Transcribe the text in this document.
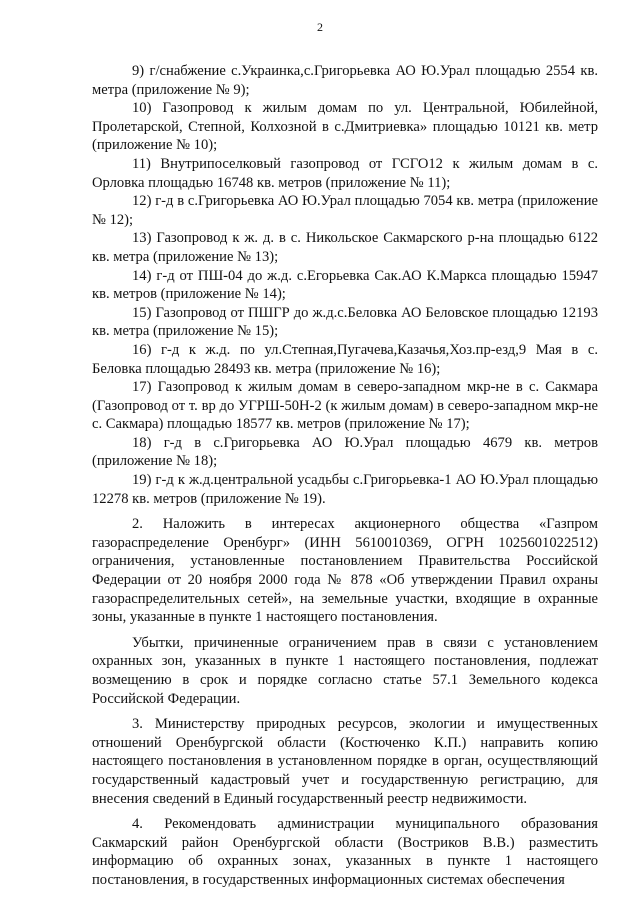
2

9) г/снабжение с.Украинка,с.Григорьевка АО Ю.Урал площадью 2554 кв. метра (приложение № 9);

10) Газопровод к жилым домам по ул. Центральной, Юбилейной, Пролетарской, Степной, Колхозной в с.Дмитриевка» площадью 10121 кв. метр (приложение № 10);

11) Внутрипоселковый газопровод от ГСГО12 к жилым домам в с. Орловка площадью 16748 кв. метров (приложение № 11);

12) г-д в с.Григорьевка АО Ю.Урал площадью 7054 кв. метра (приложение № 12);

13) Газопровод к ж. д. в с. Никольское Сакмарского р-на площадью 6122 кв. метра (приложение № 13);

14) г-д от ПШ-04 до ж.д. с.Егорьевка Сак.АО К.Маркса площадью 15947 кв. метров (приложение № 14);

15) Газопровод от ПШГР до ж.д.с.Беловка АО Беловское площадью 12193 кв. метра (приложение № 15);

16) г-д к ж.д. по ул.Степная,Пугачева,Казачья,Хоз.пр-езд,9 Мая в с. Беловка площадью 28493 кв. метра (приложение № 16);

17) Газопровод к жилым домам в северо-западном мкр-не в с. Сакмара (Газопровод от т. вр до УГРШ-50Н-2 (к жилым домам) в северо-западном мкр-не с. Сакмара) площадью 18577 кв. метров (приложение № 17);

18) г-д в с.Григорьевка АО Ю.Урал площадью 4679 кв. метров (приложение № 18);

19) г-д к ж.д.центральной усадьбы с.Григорьевка-1 АО Ю.Урал площадью 12278 кв. метров (приложение № 19).

2. Наложить в интересах акционерного общества «Газпром газораспределение Оренбург» (ИНН 5610010369, ОГРН 1025601022512) ограничения, установленные постановлением Правительства Российской Федерации от 20 ноября 2000 года № 878 «Об утверждении Правил охраны газораспределительных сетей», на земельные участки, входящие в охранные зоны, указанные в пункте 1 настоящего постановления.

Убытки, причиненные ограничением прав в связи с установлением охранных зон, указанных в пункте 1 настоящего постановления, подлежат возмещению в срок и порядке согласно статье 57.1 Земельного кодекса Российской Федерации.

3. Министерству природных ресурсов, экологии и имущественных отношений Оренбургской области (Костюченко К.П.) направить копию настоящего постановления в установленном порядке в орган, осуществляющий государственный кадастровый учет и государственную регистрацию, для внесения сведений в Единый государственный реестр недвижимости.

4. Рекомендовать администрации муниципального образования Сакмарский район Оренбургской области (Востриков В.В.) разместить информацию об охранных зонах, указанных в пункте 1 настоящего постановления, в государственных информационных системах обеспечения
